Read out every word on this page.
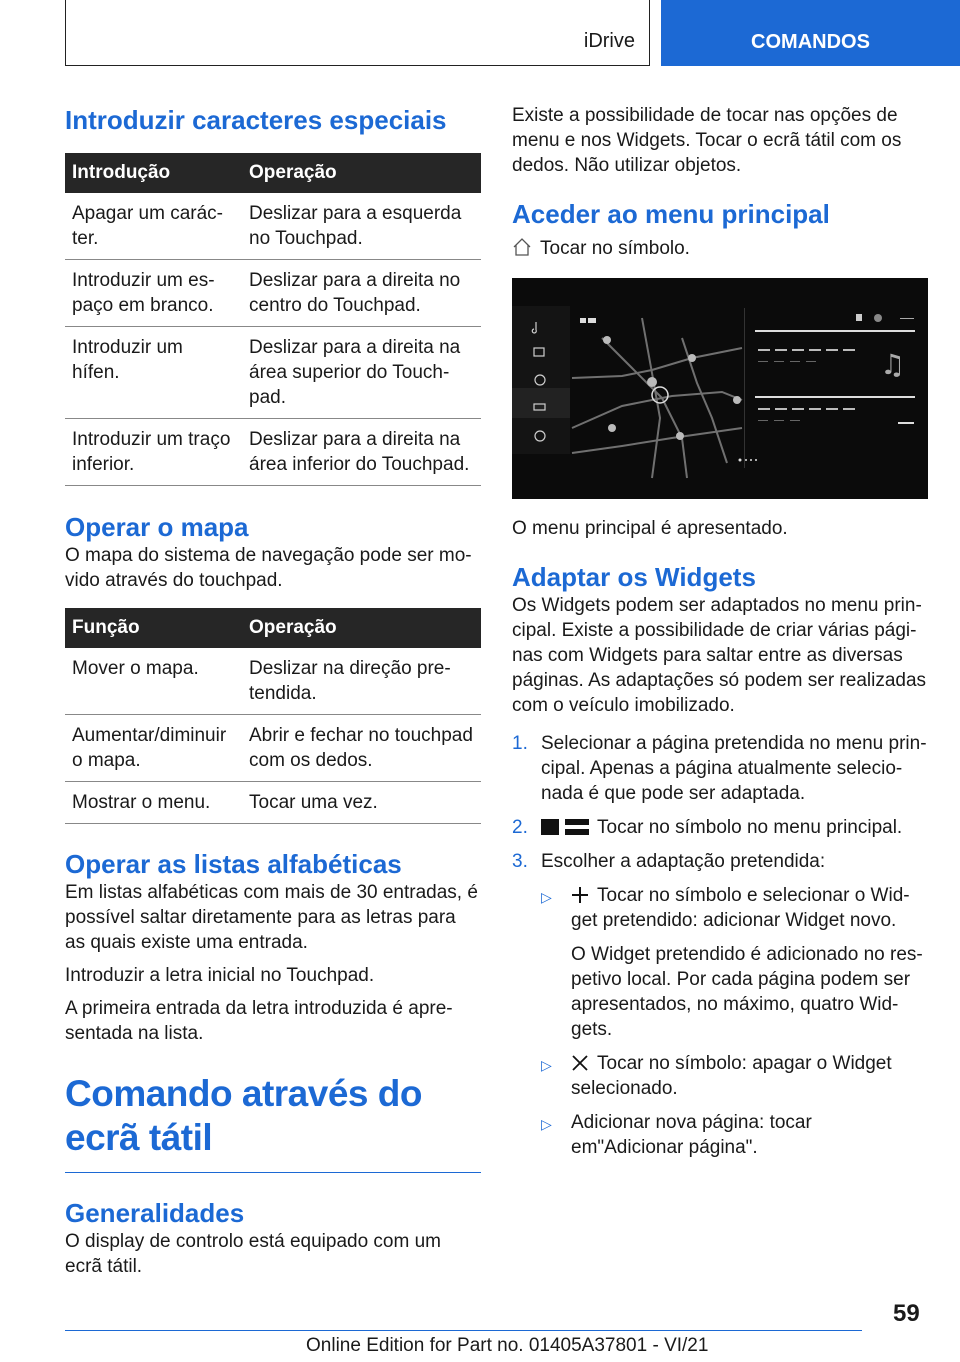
iDrive	COMANDOS
Introduzir caracteres especiais
Introdução	Operação
Apagar um carác-ter.	Deslizar para a esquerda no Touchpad.
Introduzir um es-paço em branco.	Deslizar para a direita no centro do Touchpad.
Introduzir um hífen.	Deslizar para a direita na área superior do Touch-pad.
Introduzir um traço inferior.	Deslizar para a direita na área inferior do Touchpad.
Operar o mapa

O mapa do sistema de navegação pode ser mo-vido através do touchpad.

Função	Operação
Mover o mapa.	Deslizar na direção pre-tendida.
Aumentar/diminuir o mapa.	Abrir e fechar no touchpad com os dedos.
Mostrar o menu.	Tocar uma vez.
Operar as listas alfabéticas

Em listas alfabéticas com mais de 30 entradas, é possível saltar diretamente para as letras para as quais existe uma entrada.

Introduzir a letra inicial no Touchpad.

A primeira entrada da letra introduzida é apre-sentada na lista.

Comando através do ecrã tátil
Generalidades

O display de controlo está equipado com um ecrã tátil.

Existe a possibilidade de tocar nas opções de menu e nos Widgets. Tocar o ecrã tátil com os dedos. Não utilizar objetos.

Aceder ao menu principal

Tocar no símbolo.

♫

O menu principal é apresentado.

Adaptar os Widgets

Os Widgets podem ser adaptados no menu prin-cipal. Existe a possibilidade de criar várias pági-nas com Widgets para saltar entre as diversas páginas. As adaptações só podem ser realizadas com o veículo imobilizado.

1. Selecionar a página pretendida no menu prin-cipal. Apenas a página atualmente selecio-nada é que pode ser adaptada.
2.	Tocar no símbolo no menu principal.
3. Escolher a adaptação pretendida:
▷	Tocar no símbolo e selecionar o Wid-get pretendido: adicionar Widget novo.

O Widget pretendido é adicionado no res-petivo local. Por cada página podem ser apresentados, no máximo, quatro Wid-gets.

▷	Tocar no símbolo: apagar o Widget selecionado.
▷	Adicionar nova página: tocar em"Adicionar página".
59
Online Edition for Part no. 01405A37801 - VI/21
